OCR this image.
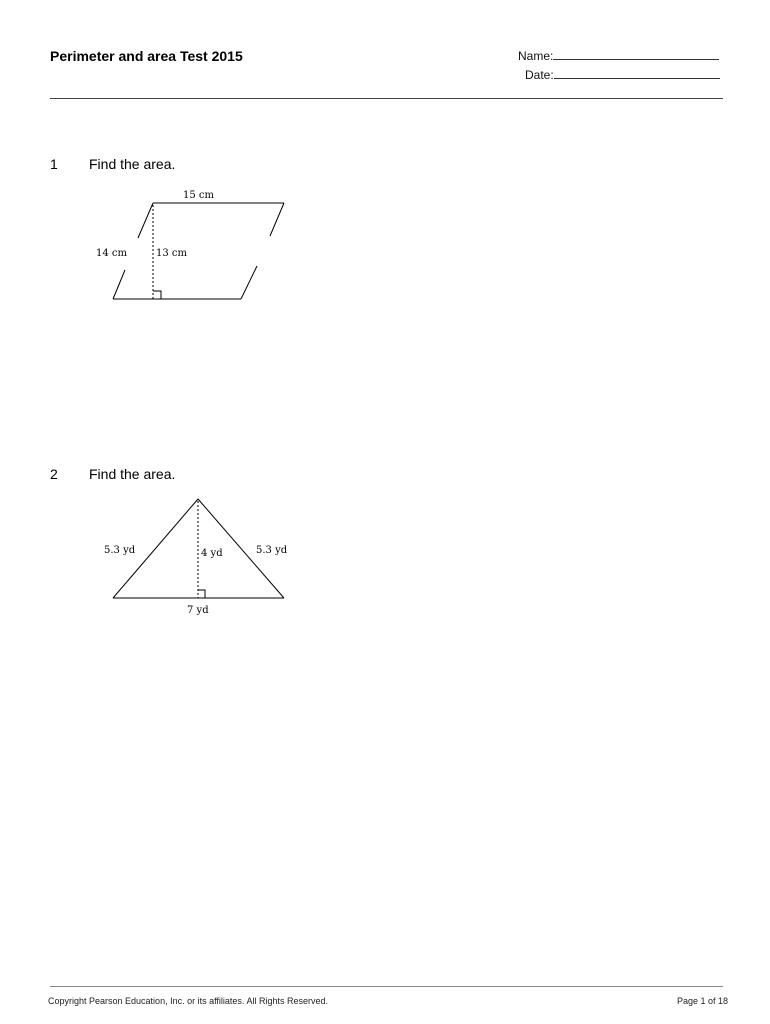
Perimeter and area Test 2015	Name:
Date:
1 Find the area.
15 cm
14 cm	13 cm
5.3 yd	4 yd	5.3 yd
7 yd
2 Find the area.
Copyright Pearson Education, Inc. or its affiliates. All Rights Reserved.	Page 1 of 18
